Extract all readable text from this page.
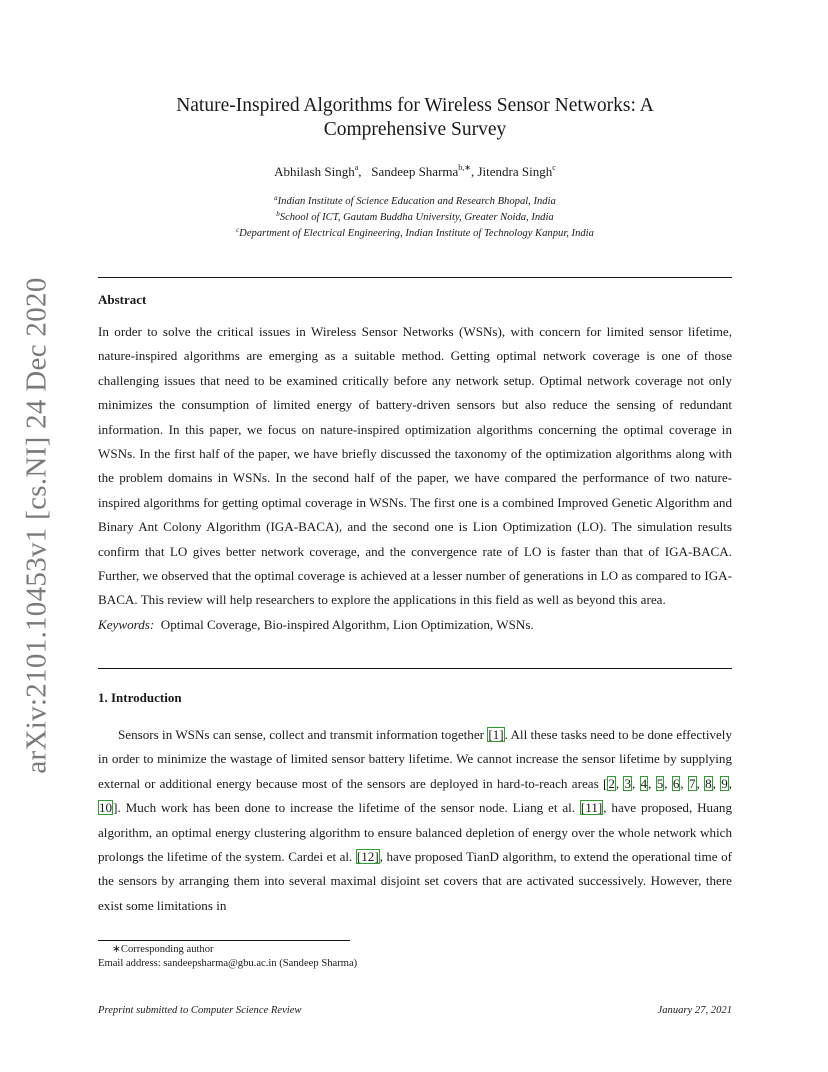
arXiv:2101.10453v1 [cs.NI] 24 Dec 2020
Nature-Inspired Algorithms for Wireless Sensor Networks: A
Comprehensive Survey
Abhilash Singh$^a$,   Sandeep Sharma$^{b,∗}$, Jitendra Singh$^c$
$^a$Indian Institute of Science Education and Research Bhopal, India
$^b$School of ICT, Gautam Buddha University, Greater Noida, India
$^c$Department of Electrical Engineering, Indian Institute of Technology Kanpur, India
Abstract
In order to solve the critical issues in Wireless Sensor Networks (WSNs), with concern for limited sensor lifetime, nature-inspired algorithms are emerging as a suitable method. Getting optimal network coverage is one of those challenging issues that need to be examined critically before any network setup. Optimal network coverage not only minimizes the consumption of limited energy of battery-driven sensors but also reduce the sensing of redundant information. In this paper, we focus on nature-inspired optimization algorithms concerning the optimal coverage in WSNs. In the first half of the paper, we have briefly discussed the taxonomy of the optimization algorithms along with the problem domains in WSNs. In the second half of the paper, we have compared the performance of two nature-inspired algorithms for getting optimal coverage in WSNs. The first one is a combined Improved Genetic Algorithm and Binary Ant Colony Algorithm (IGA-BACA), and the second one is Lion Optimization (LO). The simulation results confirm that LO gives better network coverage, and the convergence rate of LO is faster than that of IGA-BACA. Further, we observed that the optimal coverage is achieved at a lesser number of generations in LO as compared to IGA-BACA. This review will help researchers to explore the applications in this field as well as beyond this area.
Keywords: Optimal Coverage, Bio-inspired Algorithm, Lion Optimization, WSNs.
1. Introduction
Sensors in WSNs can sense, collect and transmit information together [1]. All these tasks need to be done effectively in order to minimize the wastage of limited sensor battery lifetime. We cannot increase the sensor lifetime by supplying external or additional energy because most of the sensors are deployed in hard-to-reach areas [2, 3, 4, 5, 6, 7, 8, 9, 10]. Much work has been done to increase the lifetime of the sensor node. Liang et al. [11], have proposed, Huang algorithm, an optimal energy clustering algorithm to ensure balanced depletion of energy over the whole network which prolongs the lifetime of the system. Cardei et al. [12], have proposed TianD algorithm, to extend the operational time of the sensors by arranging them into several maximal disjoint set covers that are activated successively. However, there exist some limitations in
∗Corresponding author
Email address: sandeepsharma@gbu.ac.in (Sandeep Sharma)
Preprint submitted to Computer Science Review	January 27, 2021
